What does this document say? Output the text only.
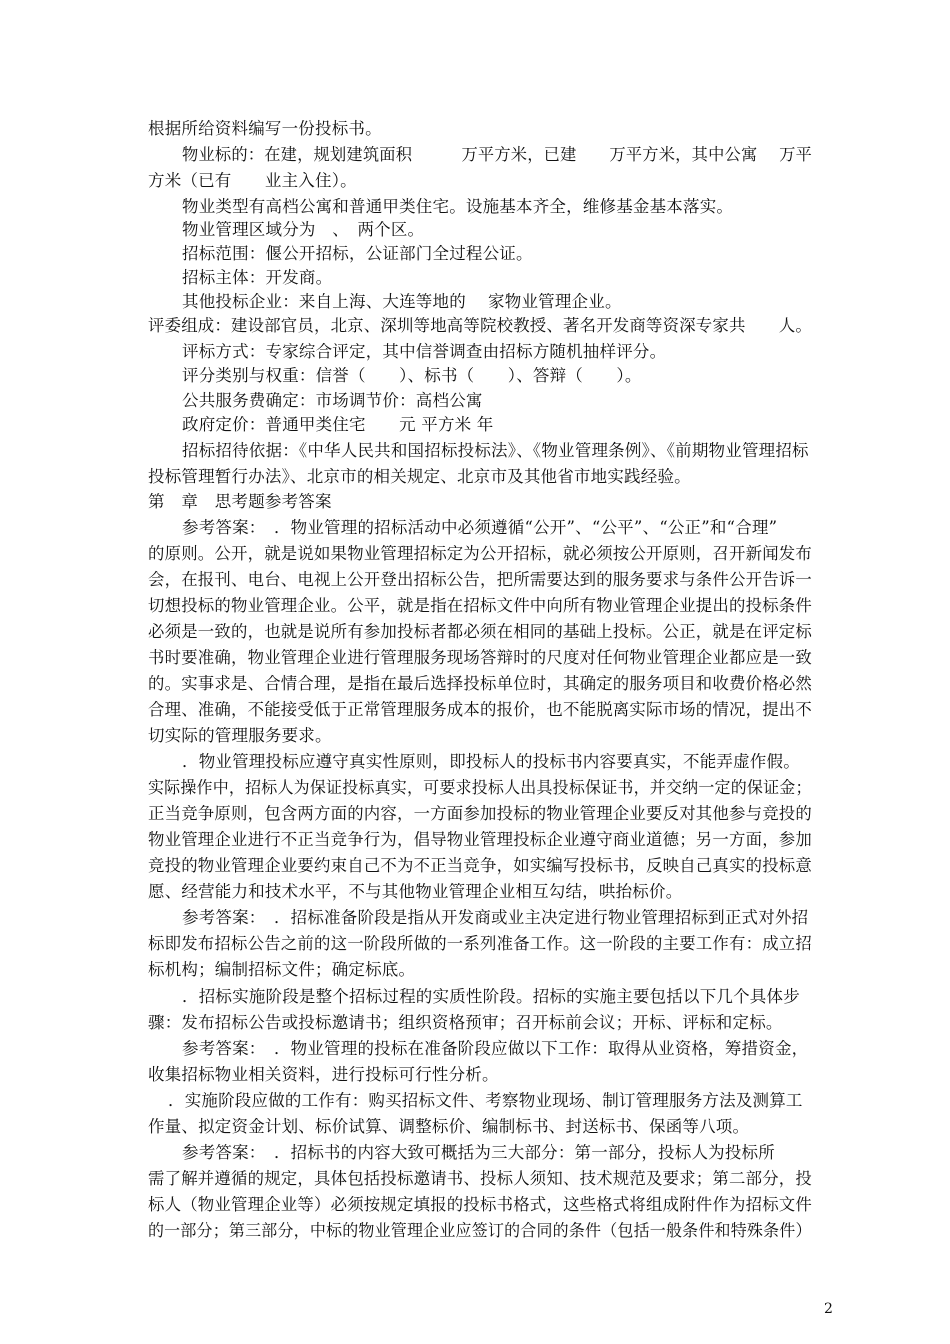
根据所给资料编写一份投标书。
物业标的：在建，规划建筑面积　　　万平方米，已建　　万平方米，其中公寓　 万平
方米（已有　　业主入住）。
物业类型有高档公寓和普通甲类住宅。设施基本齐全，维修基金基本落实。
物业管理区域分为　、　两个区。
招标范围：偃公开招标，公证部门全过程公证。
招标主体：开发商。
其他投标企业：来自上海、大连等地的　 家物业管理企业。
评委组成：建设部官员，北京、深圳等地高等院校教授、著名开发商等资深专家共　　人。
评标方式：专家综合评定，其中信誉调查由招标方随机抽样评分。
评分类别与权重：信誉（　　）、标书（　　）、答辩（　　）。
公共服务费确定：市场调节价：高档公寓
政府定价：普通甲类住宅　　元 平方米 年
招标招待依据：《中华人民共和国招标投标法》、《物业管理条例》、《前期物业管理招标
投标管理暂行办法》、北京市的相关规定、北京市及其他省市地实践经验。
第　章　思考题参考答案
参考答案：　．物业管理的招标活动中必须遵循“公开”、“公平”、“公正”和“合理”
的原则。公开，就是说如果物业管理招标定为公开招标，就必须按公开原则，召开新闻发布
会，在报刊、电台、电视上公开登出招标公告，把所需要达到的服务要求与条件公开告诉一
切想投标的物业管理企业。公平，就是指在招标文件中向所有物业管理企业提出的投标条件
必须是一致的，也就是说所有参加投标者都必须在相同的基础上投标。公正，就是在评定标
书时要准确，物业管理企业进行管理服务现场答辩时的尺度对任何物业管理企业都应是一致
的。实事求是、合情合理，是指在最后选择投标单位时，其确定的服务项目和收费价格必然
合理、准确，不能接受低于正常管理服务成本的报价，也不能脱离实际市场的情况，提出不
切实际的管理服务要求。
．物业管理投标应遵守真实性原则，即投标人的投标书内容要真实，不能弄虚作假。
实际操作中，招标人为保证投标真实，可要求投标人出具投标保证书，并交纳一定的保证金；
正当竞争原则，包含两方面的内容，一方面参加投标的物业管理企业要反对其他参与竞投的
物业管理企业进行不正当竞争行为，倡导物业管理投标企业遵守商业道德；另一方面，参加
竞投的物业管理企业要约束自己不为不正当竞争，如实编写投标书，反映自己真实的投标意
愿、经营能力和技术水平，不与其他物业管理企业相互勾结，哄抬标价。
参考答案：　．招标准备阶段是指从开发商或业主决定进行物业管理招标到正式对外招
标即发布招标公告之前的这一阶段所做的一系列准备工作。这一阶段的主要工作有：成立招
标机构；编制招标文件；确定标底。
．招标实施阶段是整个招标过程的实质性阶段。招标的实施主要包括以下几个具体步
骤：发布招标公告或投标邀请书；组织资格预审；召开标前会议；开标、评标和定标。
参考答案：　．物业管理的投标在准备阶段应做以下工作：取得从业资格，筹措资金，
收集招标物业相关资料，进行投标可行性分析。
．实施阶段应做的工作有：购买招标文件、考察物业现场、制订管理服务方法及测算工
作量、拟定资金计划、标价试算、调整标价、编制标书、封送标书、保函等八项。
参考答案：　．招标书的内容大致可概括为三大部分：第一部分，投标人为投标所
需了解并遵循的规定，具体包括投标邀请书、投标人须知、技术规范及要求；第二部分，投
标人（物业管理企业等）必须按规定填报的投标书格式，这些格式将组成附件作为招标文件
的一部分；第三部分，中标的物业管理企业应签订的合同的条件（包括一般条件和特殊条件）
2
